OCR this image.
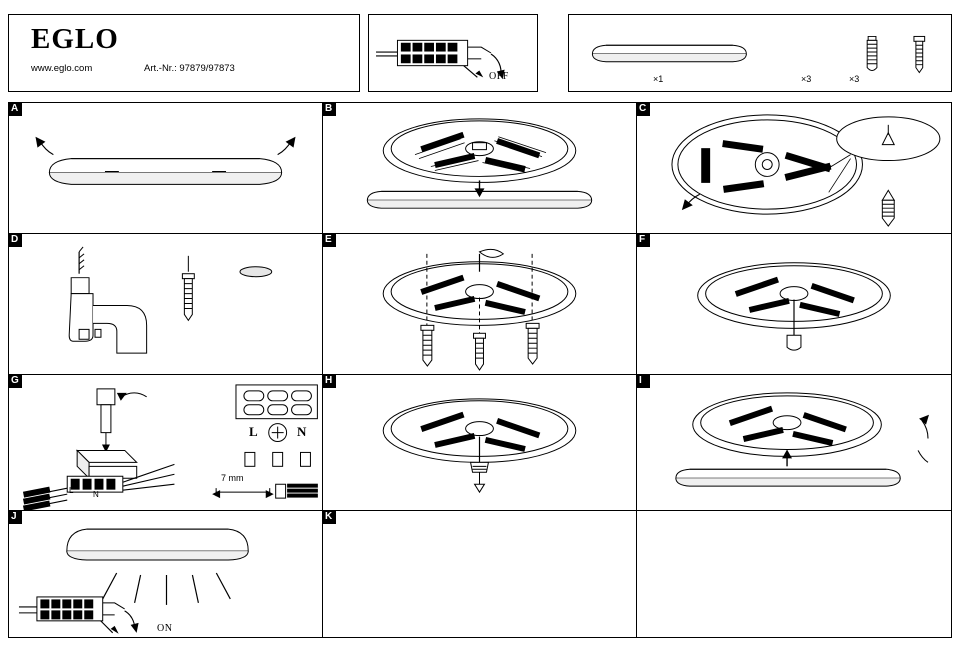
EGLO
www.eglo.com	Art.-Nr.: 97879/97873
OFF	×1	×3	×3
A	B	C
D	E	F
G
L	N
L N
7 mm
H	I
J
ON
K
